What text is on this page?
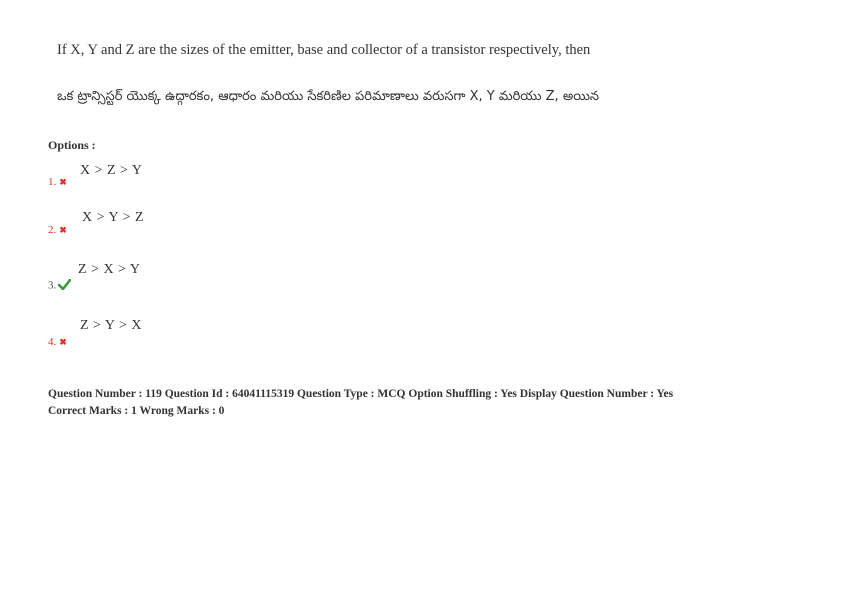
If X, Y and Z are the sizes of the emitter, base and collector of a transistor respectively, then
ఒక ట్రాన్సిస్టర్ యొక్క ఉద్గారకం, ఆధారం మరియు సేకరిణిల పరిమాణాలు వరుసగా X, Y మరియు Z, అయిన
Options :
1. ✖
X > Z > Y
2. ✖
X > Y > Z
3.
Z > X > Y
4. ✖
Z > Y > X
Question Number : 119 Question Id : 64041115319 Question Type : MCQ Option Shuffling : Yes Display Question Number : Yes
Correct Marks : 1 Wrong Marks : 0
